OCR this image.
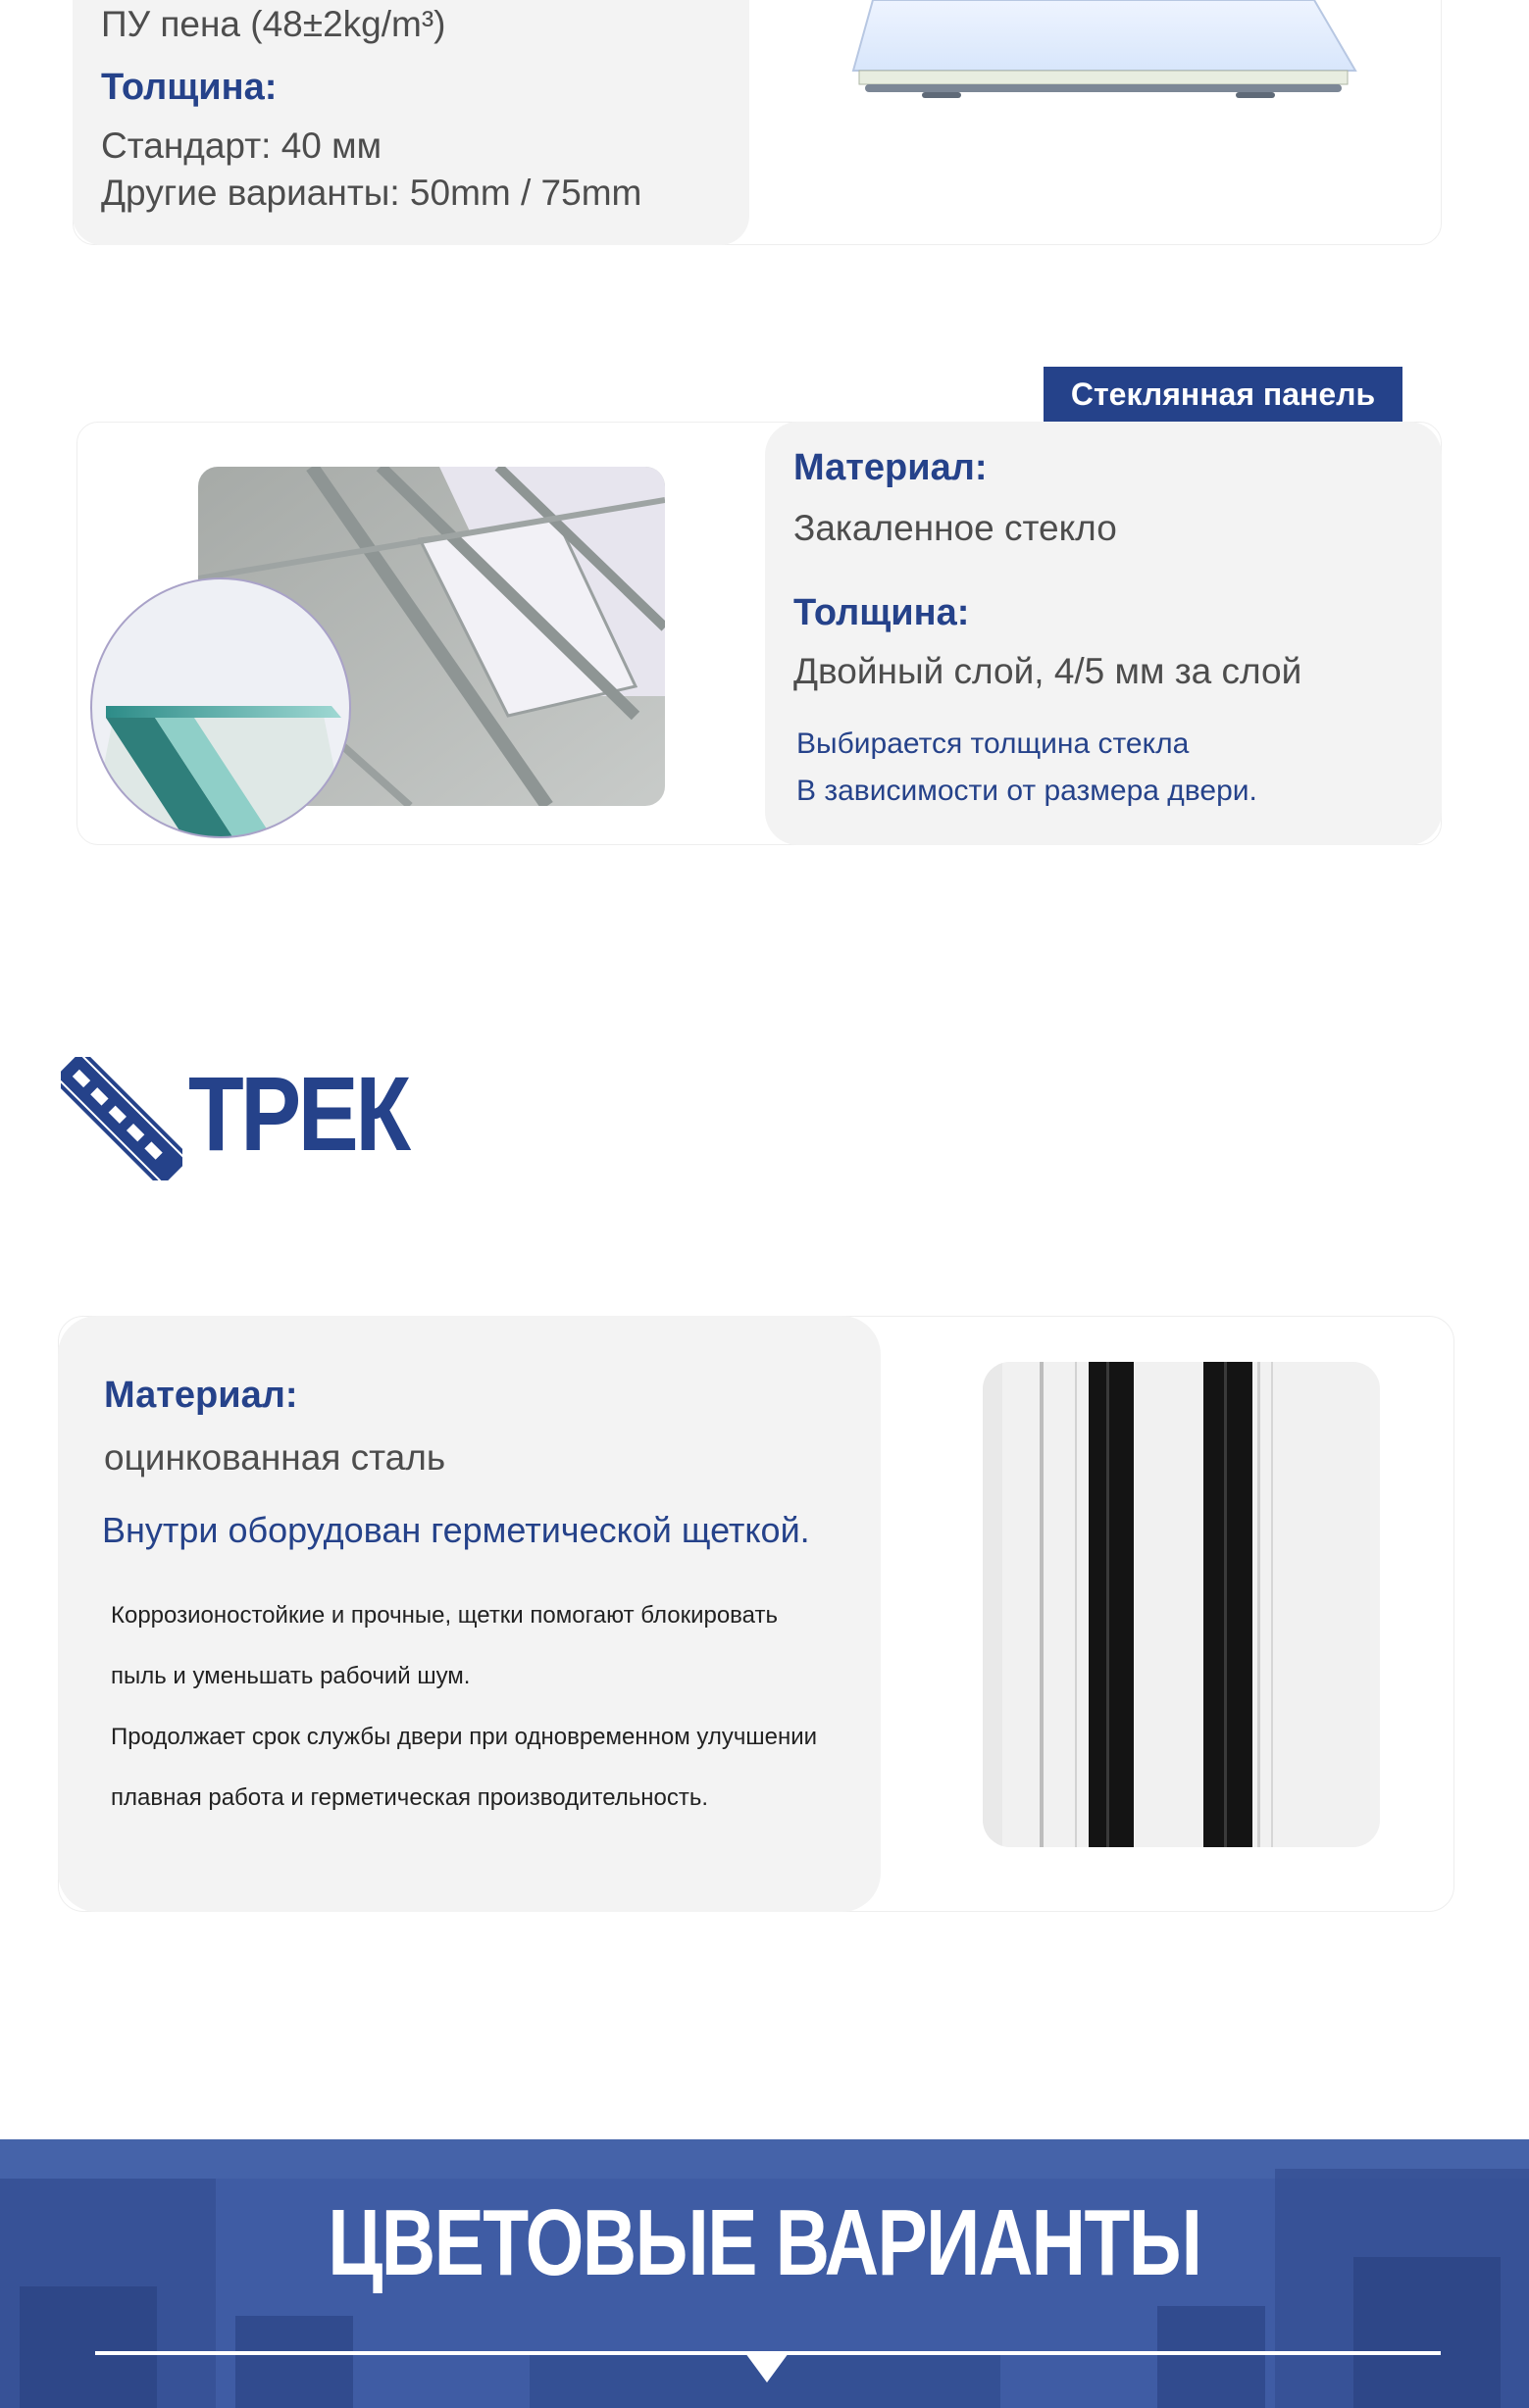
ПУ пена (48±2kg/m³)
Толщина:
Стандарт: 40 мм
Другие варианты: 50mm / 75mm
Стеклянная панель
Материал:
Закаленное стекло
Толщина:
Двойный слой, 4/5 мм за слой
Выбирается толщина стекла
В зависимости от размера двери.
ТРЕК
Материал:
оцинкованная сталь
Внутри оборудован герметической щеткой.
Коррозионостойкие и прочные, щетки помогают блокировать
пыль и уменьшать рабочий шум.
Продолжает срок службы двери при одновременном улучшении
плавная работа и герметическая производительность.
ЦВЕТОВЫЕ ВАРИАНТЫ
